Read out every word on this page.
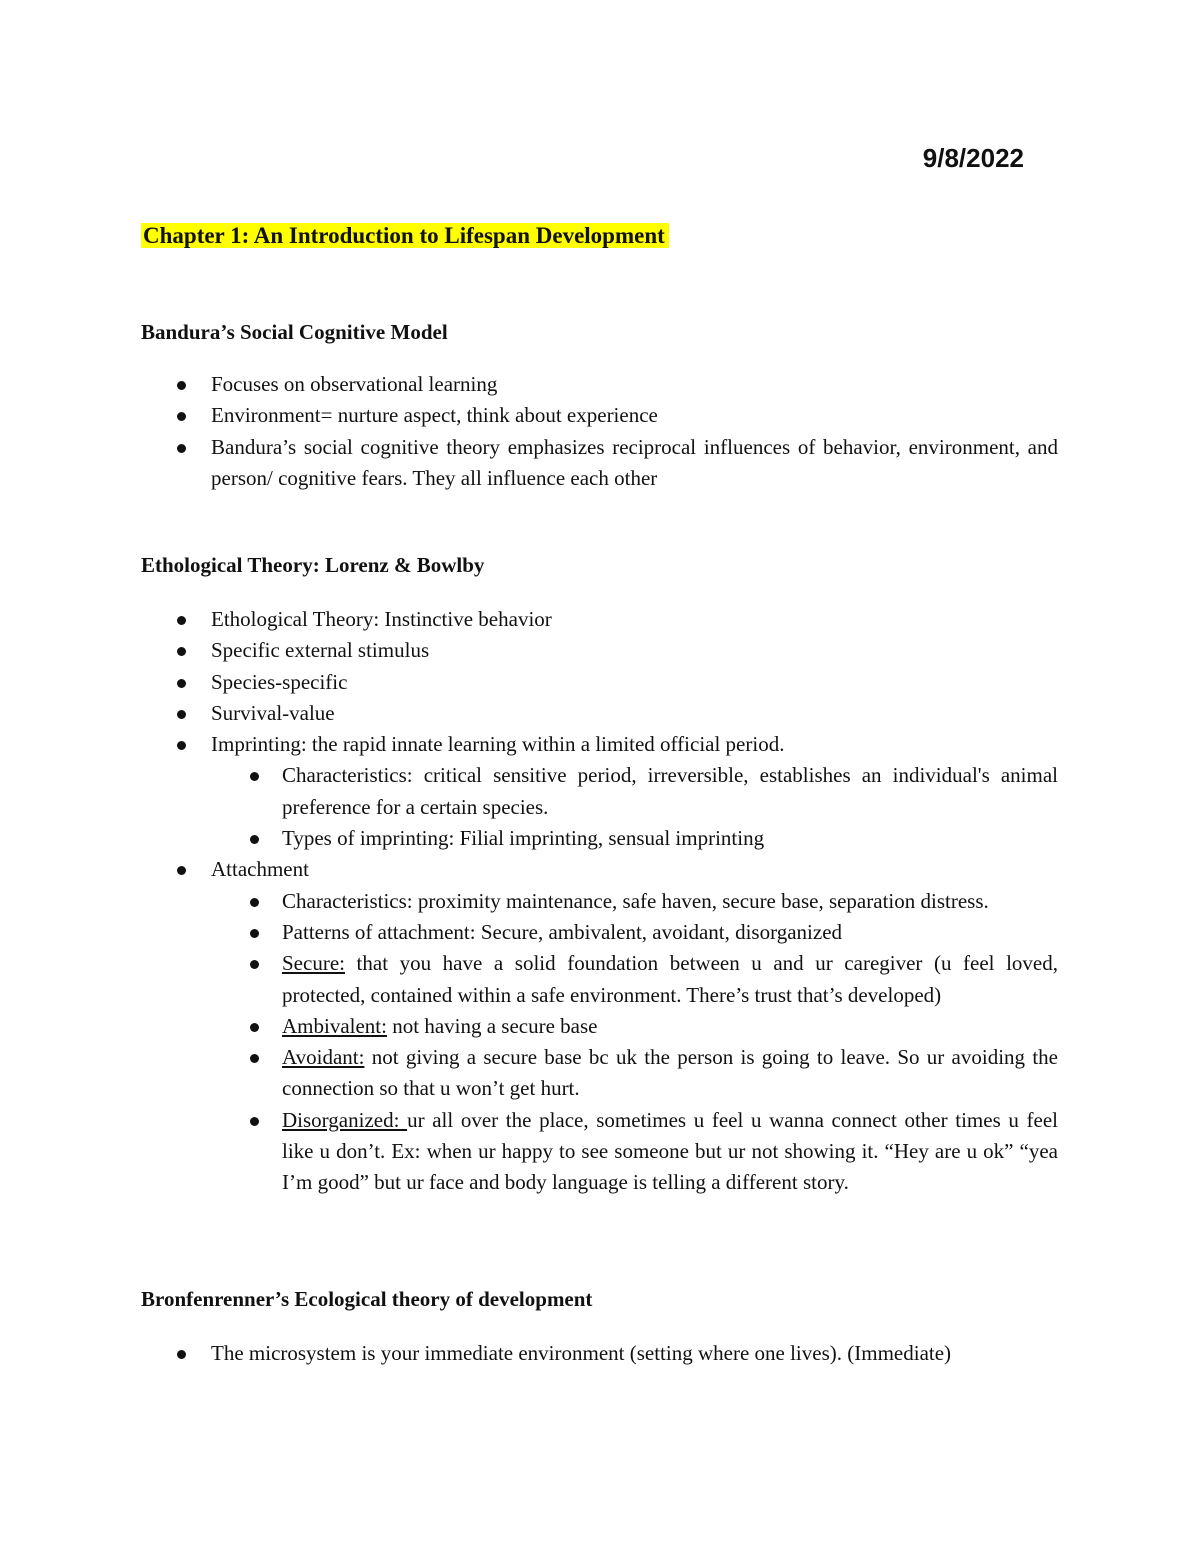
9/8/2022
Chapter 1: An Introduction to Lifespan Development
Bandura’s Social Cognitive Model
Focuses on observational learning
Environment= nurture aspect, think about experience
Bandura’s social cognitive theory emphasizes reciprocal influences of behavior, environment, and person/ cognitive fears. They all influence each other
Ethological Theory: Lorenz & Bowlby
Ethological Theory: Instinctive behavior
Specific external stimulus
Species-specific
Survival-value
Imprinting: the rapid innate learning within a limited official period.
Characteristics: critical sensitive period, irreversible, establishes an individual's animal preference for a certain species.
Types of imprinting: Filial imprinting, sensual imprinting
Attachment
Characteristics: proximity maintenance, safe haven, secure base, separation distress.
Patterns of attachment: Secure, ambivalent, avoidant, disorganized
Secure: that you have a solid foundation between u and ur caregiver (u feel loved, protected, contained within a safe environment. There’s trust that’s developed)
Ambivalent: not having a secure base
Avoidant: not giving a secure base bc uk the person is going to leave. So ur avoiding the connection so that u won’t get hurt.
Disorganized: ur all over the place, sometimes u feel u wanna connect other times u feel like u don’t. Ex: when ur happy to see someone but ur not showing it. “Hey are u ok” “yea I’m good” but ur face and body language is telling a different story.
Bronfenrenner’s Ecological theory of development
The microsystem is your immediate environment (setting where one lives). (Immediate)
